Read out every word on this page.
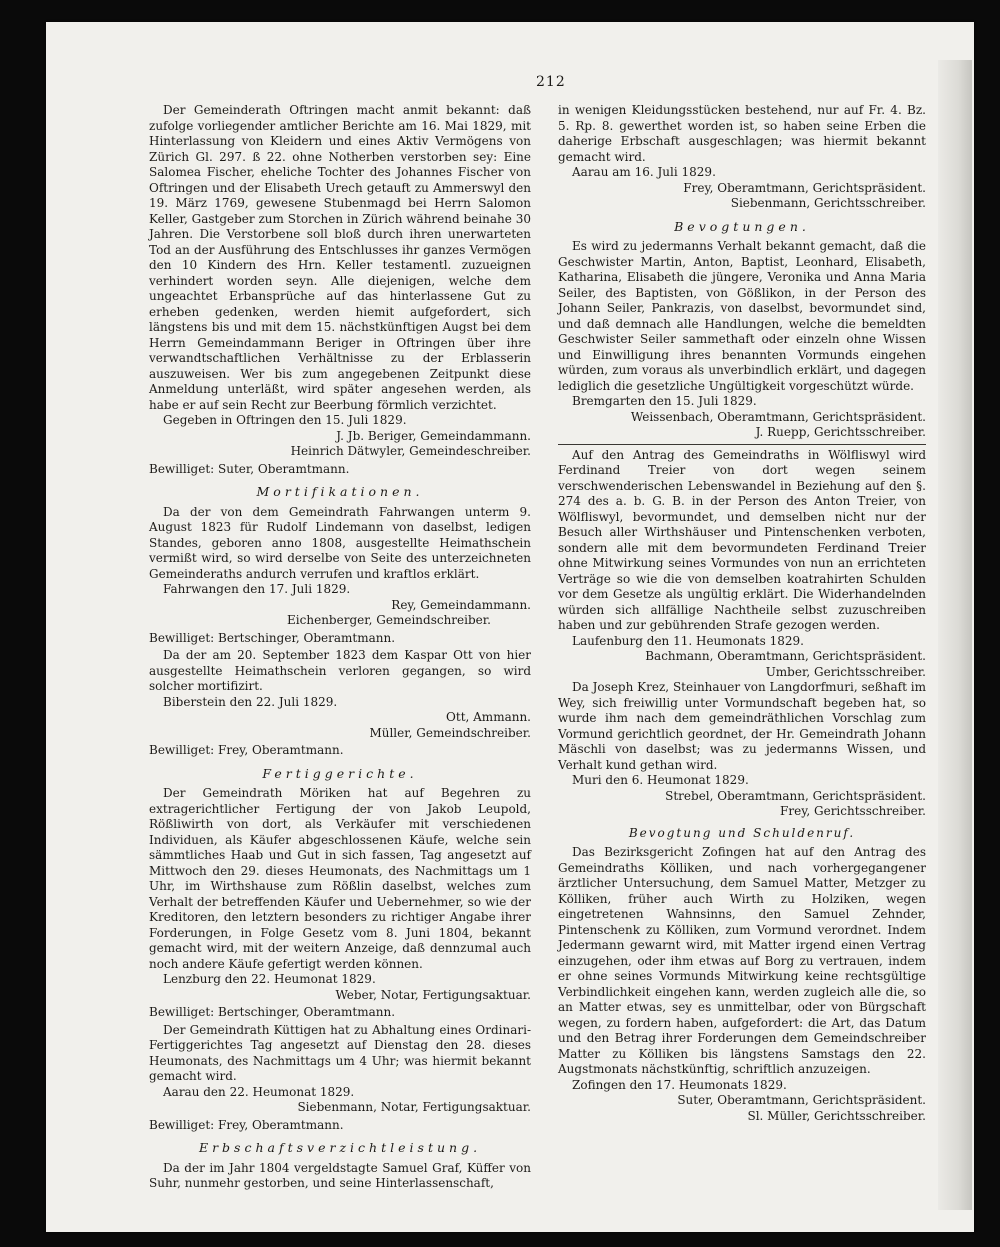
212

Der Gemeinderath Oftringen macht anmit bekannt: daß zufolge vorliegender amtlicher Berichte am 16. Mai 1829, mit Hinterlassung von Kleidern und eines Aktiv Vermögens von Zürich Gl. 297. ß 22. ohne Notherben verstorben sey: Eine Salomea Fischer, eheliche Tochter des Johannes Fischer von Oftringen und der Elisabeth Urech getauft zu Ammerswyl den 19. März 1769, gewesene Stubenmagd bei Herrn Salomon Keller, Gastgeber zum Storchen in Zürich während beinahe 30 Jahren. Die Verstorbene soll bloß durch ihren unerwarteten Tod an der Ausführung des Entschlusses ihr ganzes Vermögen den 10 Kindern des Hrn. Keller testamentl. zuzueignen verhindert worden seyn. Alle diejenigen, welche dem ungeachtet Erbansprüche auf das hinterlassene Gut zu erheben gedenken, werden hiemit aufgefordert, sich längstens bis und mit dem 15. nächstkünftigen Augst bei dem Herrn Gemeindammann Beriger in Oftringen über ihre verwandtschaftlichen Verhältnisse zu der Erblasserin auszuweisen. Wer bis zum angegebenen Zeitpunkt diese Anmeldung unterläßt, wird später angesehen werden, als habe er auf sein Recht zur Beerbung förmlich verzichtet.

Gegeben in Oftringen den 15. Juli 1829.

J. Jb. Beriger, Gemeindammann.

Heinrich Dätwyler, Gemeindeschreiber.

Bewilliget: Suter, Oberamtmann.

Mortifikationen.

Da der von dem Gemeindrath Fahrwangen unterm 9. August 1823 für Rudolf Lindemann von daselbst, ledigen Standes, geboren anno 1808, ausgestellte Heimathschein vermißt wird, so wird derselbe von Seite des unterzeichneten Gemeinderaths andurch verrufen und kraftlos erklärt.

Fahrwangen den 17. Juli 1829.

Rey, Gemeindammann.

Eichenberger, Gemeindschreiber.

Bewilliget: Bertschinger, Oberamtmann.

Da der am 20. September 1823 dem Kaspar Ott von hier ausgestellte Heimathschein verloren gegangen, so wird solcher mortifizirt.

Biberstein den 22. Juli 1829.

Ott, Ammann.

Müller, Gemeindschreiber.

Bewilliget: Frey, Oberamtmann.

Fertiggerichte.

Der Gemeindrath Möriken hat auf Begehren zu extragerichtlicher Fertigung der von Jakob Leupold, Rößliwirth von dort, als Verkäufer mit verschiedenen Individuen, als Käufer abgeschlossenen Käufe, welche sein sämmtliches Haab und Gut in sich fassen, Tag angesetzt auf Mittwoch den 29. dieses Heumonats, des Nachmittags um 1 Uhr, im Wirthshause zum Rößlin daselbst, welches zum Verhalt der betreffenden Käufer und Uebernehmer, so wie der Kreditoren, den letztern besonders zu richtiger Angabe ihrer Forderungen, in Folge Gesetz vom 8. Juni 1804, bekannt gemacht wird, mit der weitern Anzeige, daß dennzumal auch noch andere Käufe gefertigt werden können.

Lenzburg den 22. Heumonat 1829.

Weber, Notar, Fertigungsaktuar.

Bewilliget: Bertschinger, Oberamtmann.

Der Gemeindrath Küttigen hat zu Abhaltung eines Ordinari-Fertiggerichtes Tag angesetzt auf Dienstag den 28. dieses Heumonats, des Nachmittags um 4 Uhr; was hiermit bekannt gemacht wird.

Aarau den 22. Heumonat 1829.

Siebenmann, Notar, Fertigungsaktuar.

Bewilliget: Frey, Oberamtmann.

Erbschaftsverzichtleistung.

Da der im Jahr 1804 vergeldstagte Samuel Graf, Küffer von Suhr, nunmehr gestorben, und seine Hinterlassenschaft,

in wenigen Kleidungsstücken bestehend, nur auf Fr. 4. Bz. 5. Rp. 8. gewerthet worden ist, so haben seine Erben die daherige Erbschaft ausgeschlagen; was hiermit bekannt gemacht wird.

Aarau am 16. Juli 1829.

Frey, Oberamtmann, Gerichtspräsident.

Siebenmann, Gerichtsschreiber.

Bevogtungen.

Es wird zu jedermanns Verhalt bekannt gemacht, daß die Geschwister Martin, Anton, Baptist, Leonhard, Elisabeth, Katharina, Elisabeth die jüngere, Veronika und Anna Maria Seiler, des Baptisten, von Gößlikon, in der Person des Johann Seiler, Pankrazis, von daselbst, bevormundet sind, und daß demnach alle Handlungen, welche die bemeldten Geschwister Seiler sammethaft oder einzeln ohne Wissen und Einwilligung ihres benannten Vormunds eingehen würden, zum voraus als unverbindlich erklärt, und dagegen lediglich die gesetzliche Ungültigkeit vorgeschützt würde.

Bremgarten den 15. Juli 1829.

Weissenbach, Oberamtmann, Gerichtspräsident.

J. Ruepp, Gerichtsschreiber.

Auf den Antrag des Gemeindraths in Wölfliswyl wird Ferdinand Treier von dort wegen seinem verschwenderischen Lebenswandel in Beziehung auf den §. 274 des a. b. G. B. in der Person des Anton Treier, von Wölfliswyl, bevormundet, und demselben nicht nur der Besuch aller Wirthshäuser und Pintenschenken verboten, sondern alle mit dem bevormundeten Ferdinand Treier ohne Mitwirkung seines Vormundes von nun an errichteten Verträge so wie die von demselben koatrahirten Schulden vor dem Gesetze als ungültig erklärt. Die Widerhandelnden würden sich allfällige Nachtheile selbst zuzuschreiben haben und zur gebührenden Strafe gezogen werden.

Laufenburg den 11. Heumonats 1829.

Bachmann, Oberamtmann, Gerichtspräsident.

Umber, Gerichtsschreiber.

Da Joseph Krez, Steinhauer von Langdorfmuri, seßhaft im Wey, sich freiwillig unter Vormundschaft begeben hat, so wurde ihm nach dem gemeindräthlichen Vorschlag zum Vormund gerichtlich geordnet, der Hr. Gemeindrath Johann Mäschli von daselbst; was zu jedermanns Wissen, und Verhalt kund gethan wird.

Muri den 6. Heumonat 1829.

Strebel, Oberamtmann, Gerichtspräsident.

Frey, Gerichtsschreiber.

Bevogtung und Schuldenruf.

Das Bezirksgericht Zofingen hat auf den Antrag des Gemeindraths Kölliken, und nach vorhergegangener ärztlicher Untersuchung, dem Samuel Matter, Metzger zu Kölliken, früher auch Wirth zu Holziken, wegen eingetretenen Wahnsinns, den Samuel Zehnder, Pintenschenk zu Kölliken, zum Vormund verordnet. Indem Jedermann gewarnt wird, mit Matter irgend einen Vertrag einzugehen, oder ihm etwas auf Borg zu vertrauen, indem er ohne seines Vormunds Mitwirkung keine rechtsgültige Verbindlichkeit eingehen kann, werden zugleich alle die, so an Matter etwas, sey es unmittelbar, oder von Bürgschaft wegen, zu fordern haben, aufgefordert: die Art, das Datum und den Betrag ihrer Forderungen dem Gemeindschreiber Matter zu Kölliken bis längstens Samstags den 22. Augstmonats nächstkünftig, schriftlich anzuzeigen.

Zofingen den 17. Heumonats 1829.

Suter, Oberamtmann, Gerichtspräsident.

Sl. Müller, Gerichtsschreiber.
